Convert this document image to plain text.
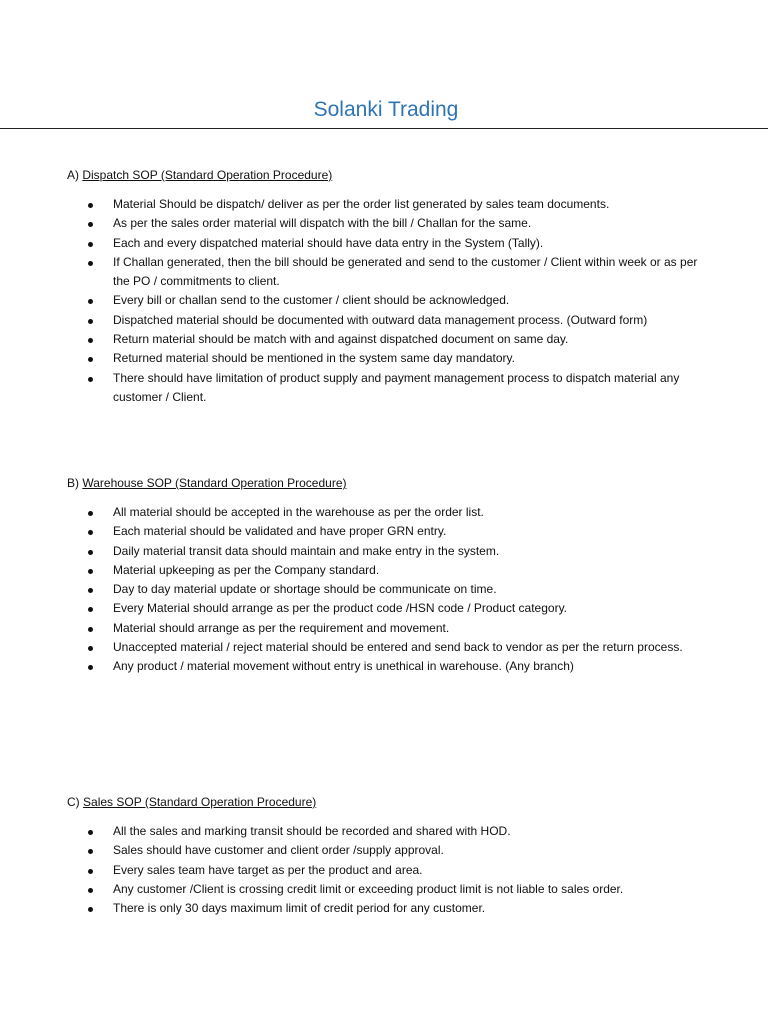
Solanki Trading
A) Dispatch SOP (Standard Operation Procedure)
Material Should be dispatch/ deliver as per the order list generated by sales team documents.
As per the sales order material will dispatch with the bill / Challan for the same.
Each and every dispatched material should have data entry in the System (Tally).
If Challan generated, then the bill should be generated and send to the customer / Client within week or as per the PO / commitments to client.
Every bill or challan send to the customer / client should be acknowledged.
Dispatched material should be documented with outward data management process. (Outward form)
Return material should be match with and against dispatched document on same day.
Returned material should be mentioned in the system same day mandatory.
There should have limitation of product supply and payment management process to dispatch material any customer / Client.
B) Warehouse SOP (Standard Operation Procedure)
All material should be accepted in the warehouse as per the order list.
Each material should be validated and have proper GRN entry.
Daily material transit data should maintain and make entry in the system.
Material upkeeping as per the Company standard.
Day to day material update or shortage should be communicate on time.
Every Material should arrange as per the product code /HSN code / Product category.
Material should arrange as per the requirement and movement.
Unaccepted material / reject material should be entered and send back to vendor as per the return process.
Any product / material movement without entry is unethical in warehouse. (Any branch)
C) Sales SOP (Standard Operation Procedure)
All the sales and marking transit should be recorded and shared with HOD.
Sales should have customer and client order /supply approval.
Every sales team have target as per the product and area.
Any customer /Client is crossing credit limit or exceeding product limit is not liable to sales order.
There is only 30 days maximum limit of credit period for any customer.
